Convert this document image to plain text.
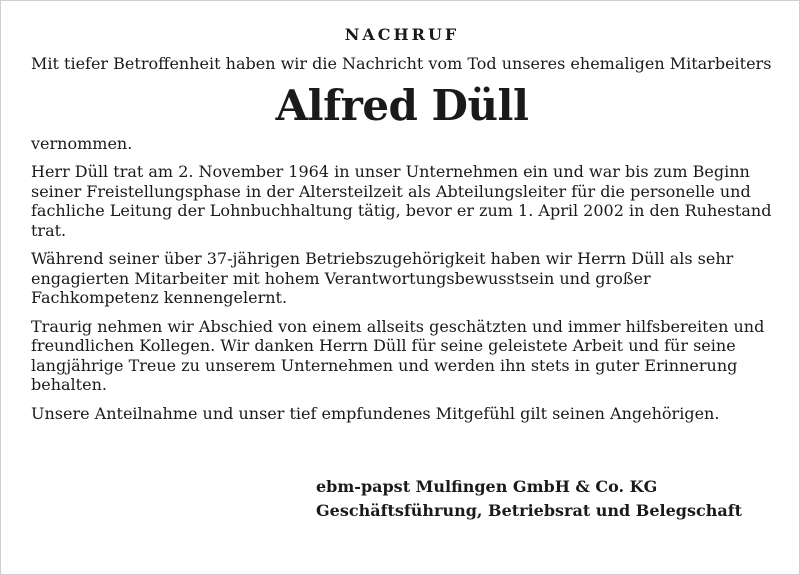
NACHRUF

Mit tiefer Betroffenheit haben wir die Nachricht vom Tod unseres ehemaligen Mitarbeiters

Alfred Düll

vernommen.

Herr Düll trat am 2. November 1964 in unser Unternehmen ein und war bis zum Beginn seiner Freistellungsphase in der Altersteilzeit als Abteilungsleiter für die personelle und fachliche Leitung der Lohnbuchhaltung tätig, bevor er zum 1. April 2002 in den Ruhestand trat.

Während seiner über 37-jährigen Betriebszugehörigkeit haben wir Herrn Düll als sehr engagierten Mitarbeiter mit hohem Verantwortungsbewusstsein und großer Fachkompetenz kennengelernt.

Traurig nehmen wir Abschied von einem allseits geschätzten und immer hilfsbereiten und freundlichen Kollegen. Wir danken Herrn Düll für seine geleistete Arbeit und für seine langjährige Treue zu unserem Unternehmen und werden ihn stets in guter Erinnerung behalten.

Unsere Anteilnahme und unser tief empfundenes Mitgefühl gilt seinen Angehörigen.

ebm-papst Mulfingen GmbH & Co. KG
Geschäftsführung, Betriebsrat und Belegschaft
